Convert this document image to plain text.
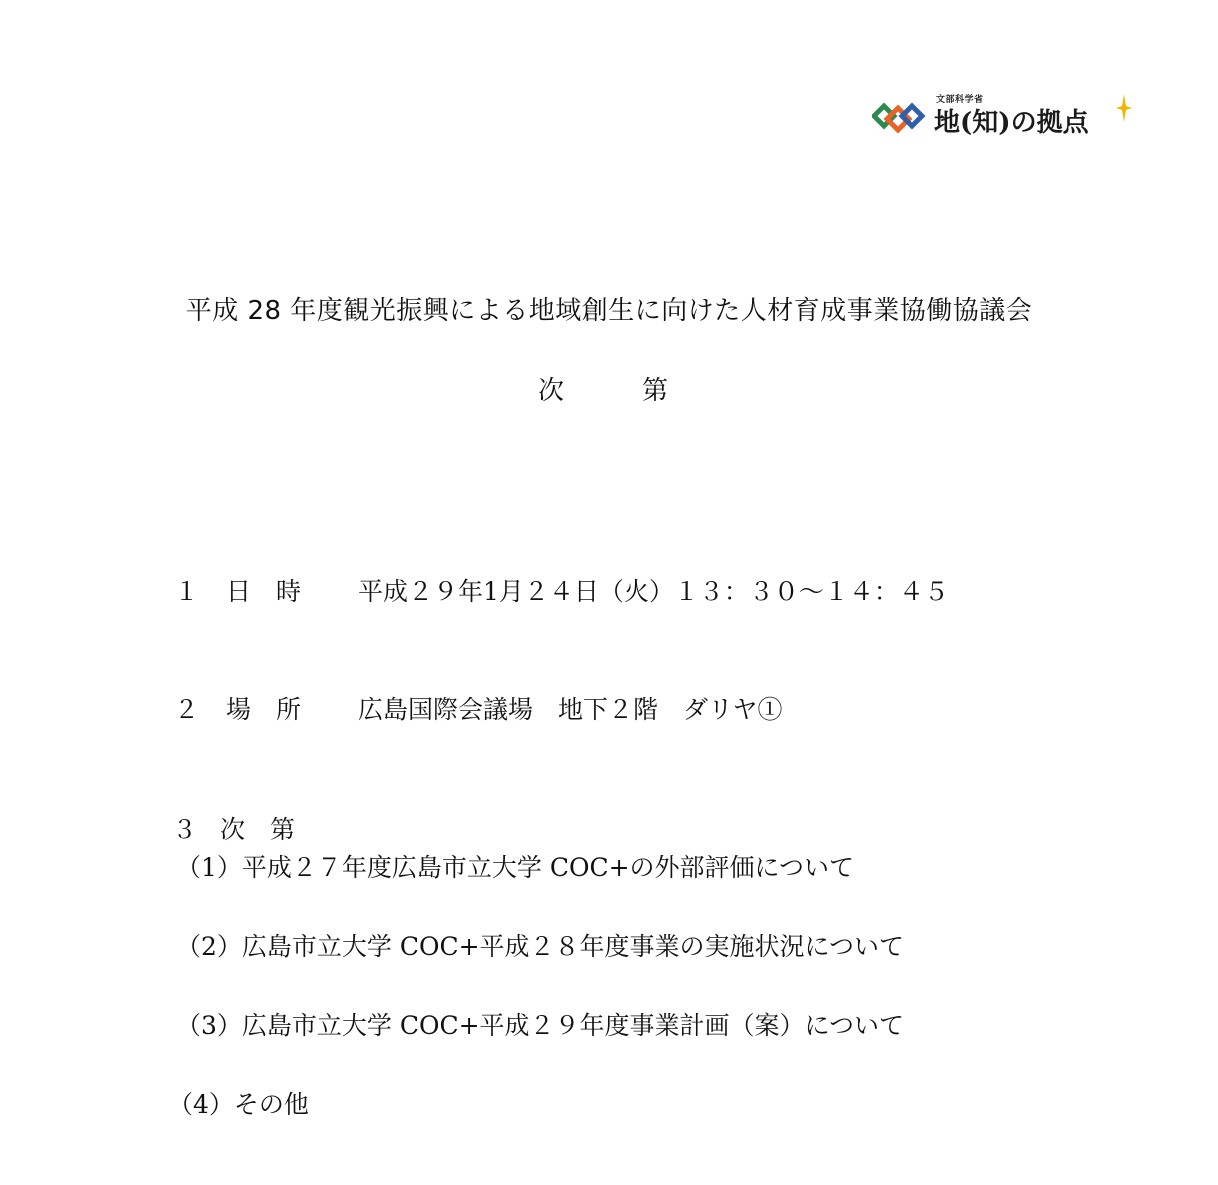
文部科学省
地(知)の拠点
平成 28 年度観光振興による地域創生に向けた人材育成事業協働協議会
次　　　第
１ 日　時 平成２９年1月２４日（火）１３：３０～１４：４５
２ 場　所 広島国際会議場　地下２階　ダリヤ①
３ 次　第
（1）平成２７年度広島市立大学 COC+の外部評価について
（2）広島市立大学 COC+平成２８年度事業の実施状況について
（3）広島市立大学 COC+平成２９年度事業計画（案）について
（4）その他
